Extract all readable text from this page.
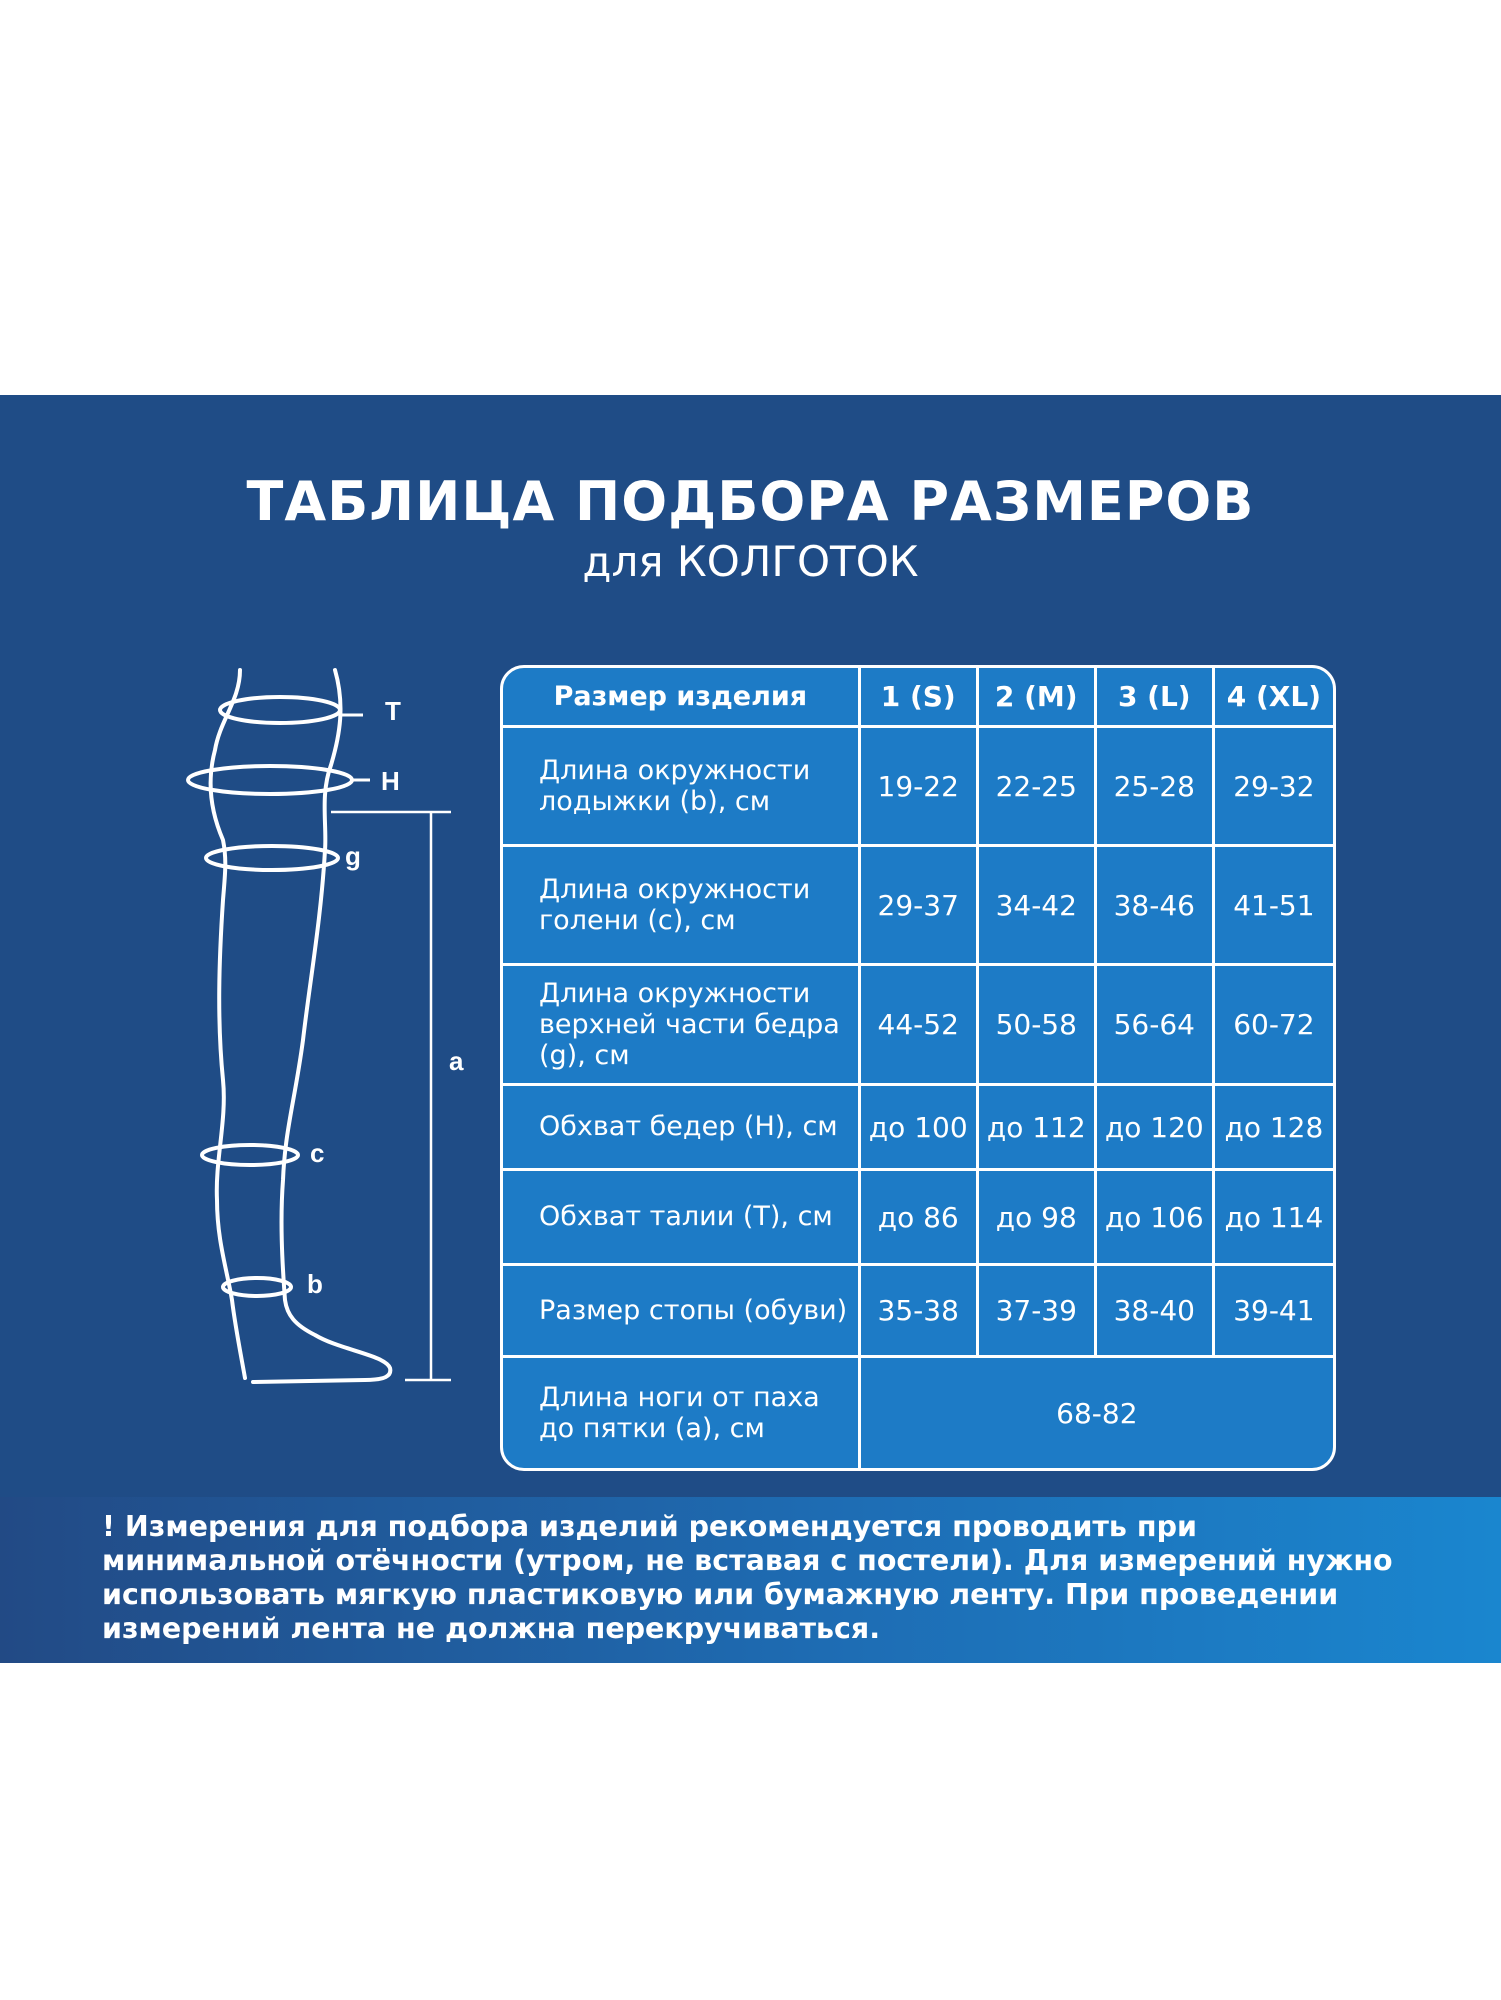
ТАБЛИЦА ПОДБОРА РАЗМЕРОВ
для КОЛГОТОК
T
H
g
c
b
a
Размер изделия	1 (S)	2 (M)	3 (L)	4 (XL)
Длина окружности лодыжки (b), см	19-22	22-25	25-28	29-32
Длина окружности голени (c), см	29-37	34-42	38-46	41-51
Длина окружности верхней части бедра (g), см	44-52	50-58	56-64	60-72
Обхват бедер (H), см	до 100	до 112	до 120	до 128
Обхват талии (T), см	до 86	до 98	до 106	до 114
Размер стопы (обуви)	35-38	37-39	38-40	39-41
Длина ноги от паха до пятки (a), см	68-82			
! Измерения для подбора изделий рекомендуется проводить при минимальной отёчности (утром, не вставая с постели). Для измерений нужно использовать мягкую пластиковую или бумажную ленту. При проведении измерений лента не должна перекручиваться.
